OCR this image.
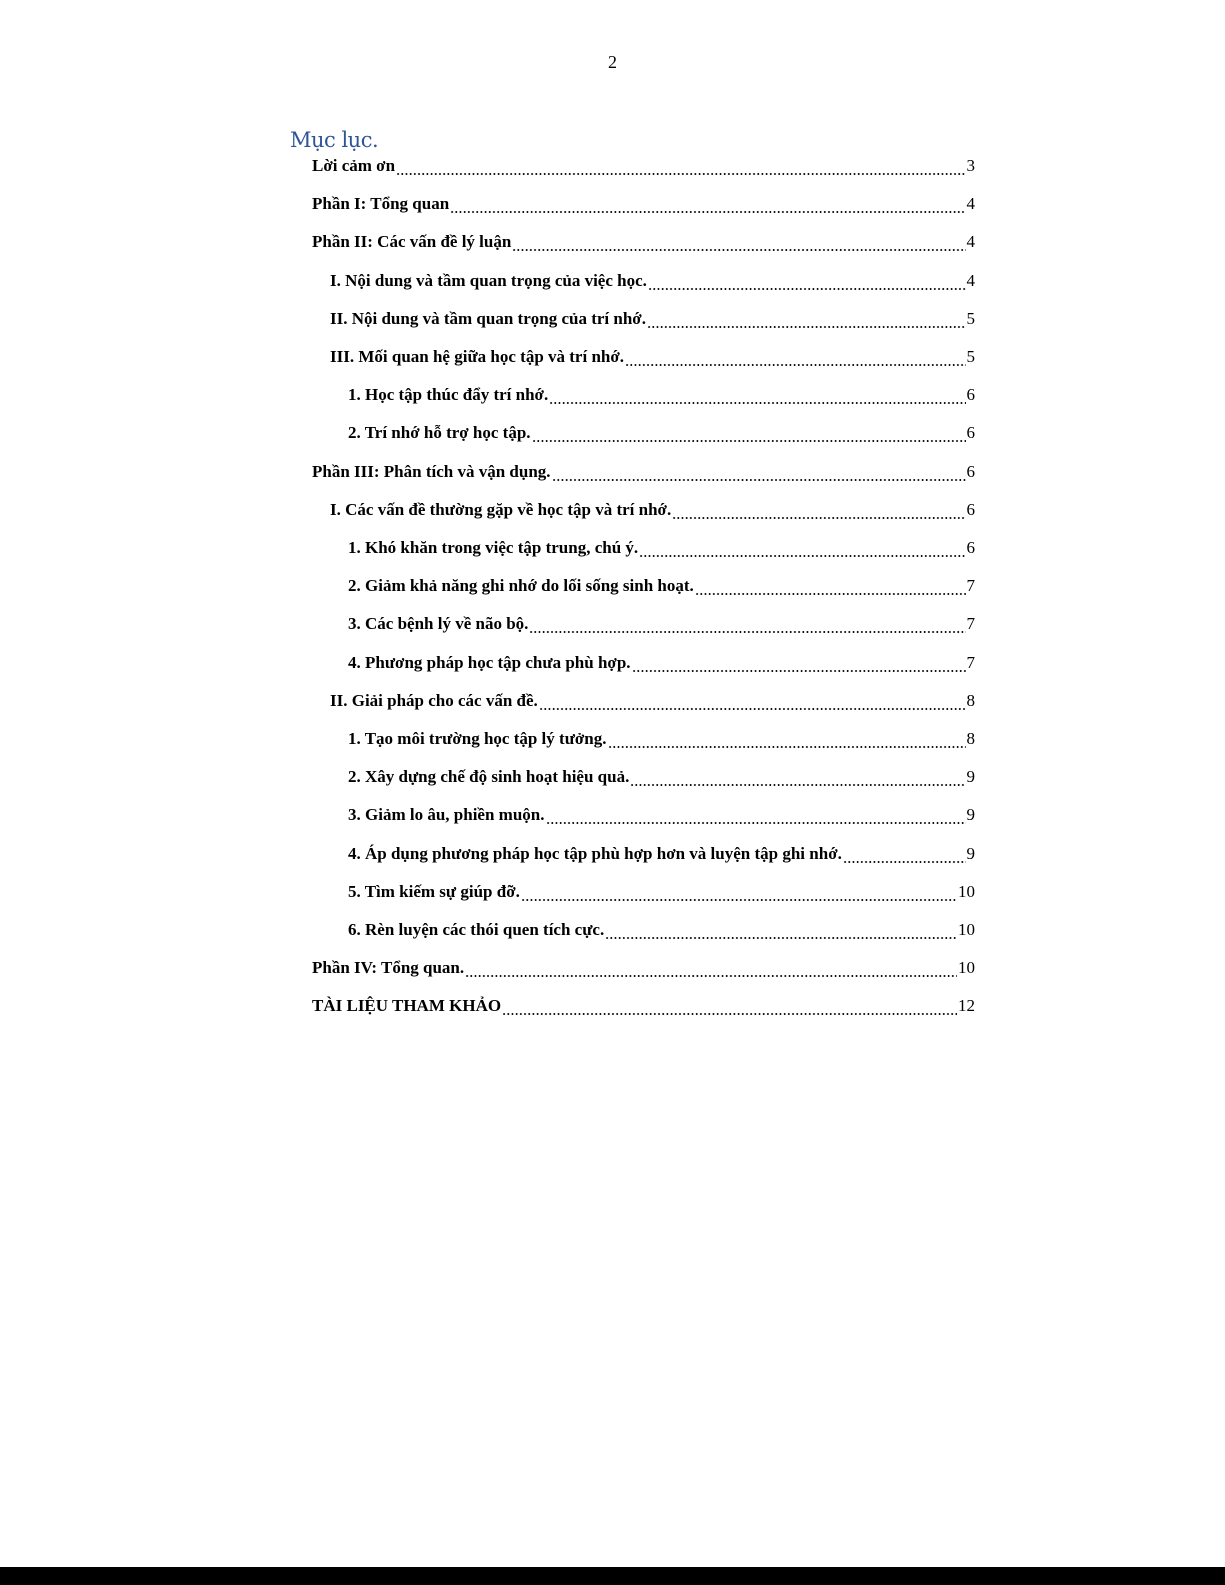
2
Mục lục.
Lời cảm ơn	3
Phần I: Tổng quan	4
Phần II: Các vấn đề lý luận	4
I. Nội dung và tầm quan trọng của việc học.	4
II. Nội dung và tầm quan trọng của trí nhớ.	5
III. Mối quan hệ giữa học tập và trí nhớ.	5
1. Học tập thúc đẩy trí nhớ.	6
2. Trí nhớ hỗ trợ học tập.	6
Phần III: Phân tích và vận dụng.	6
I. Các vấn đề thường gặp về học tập và trí nhớ.	6
1. Khó khăn trong việc tập trung, chú ý.	6
2. Giảm khả năng ghi nhớ do lối sống sinh hoạt.	7
3. Các bệnh lý về não bộ.	7
4. Phương pháp học tập chưa phù hợp.	7
II. Giải pháp cho các vấn đề.	8
1. Tạo môi trường học tập lý tưởng.	8
2. Xây dựng chế độ sinh hoạt hiệu quả.	9
3. Giảm lo âu, phiền muộn.	9
4. Áp dụng phương pháp học tập phù hợp hơn và luyện tập ghi nhớ.	9
5. Tìm kiếm sự giúp đỡ.	10
6. Rèn luyện các thói quen tích cực.	10
Phần IV: Tổng quan.	10
TÀI LIỆU THAM KHẢO	12
